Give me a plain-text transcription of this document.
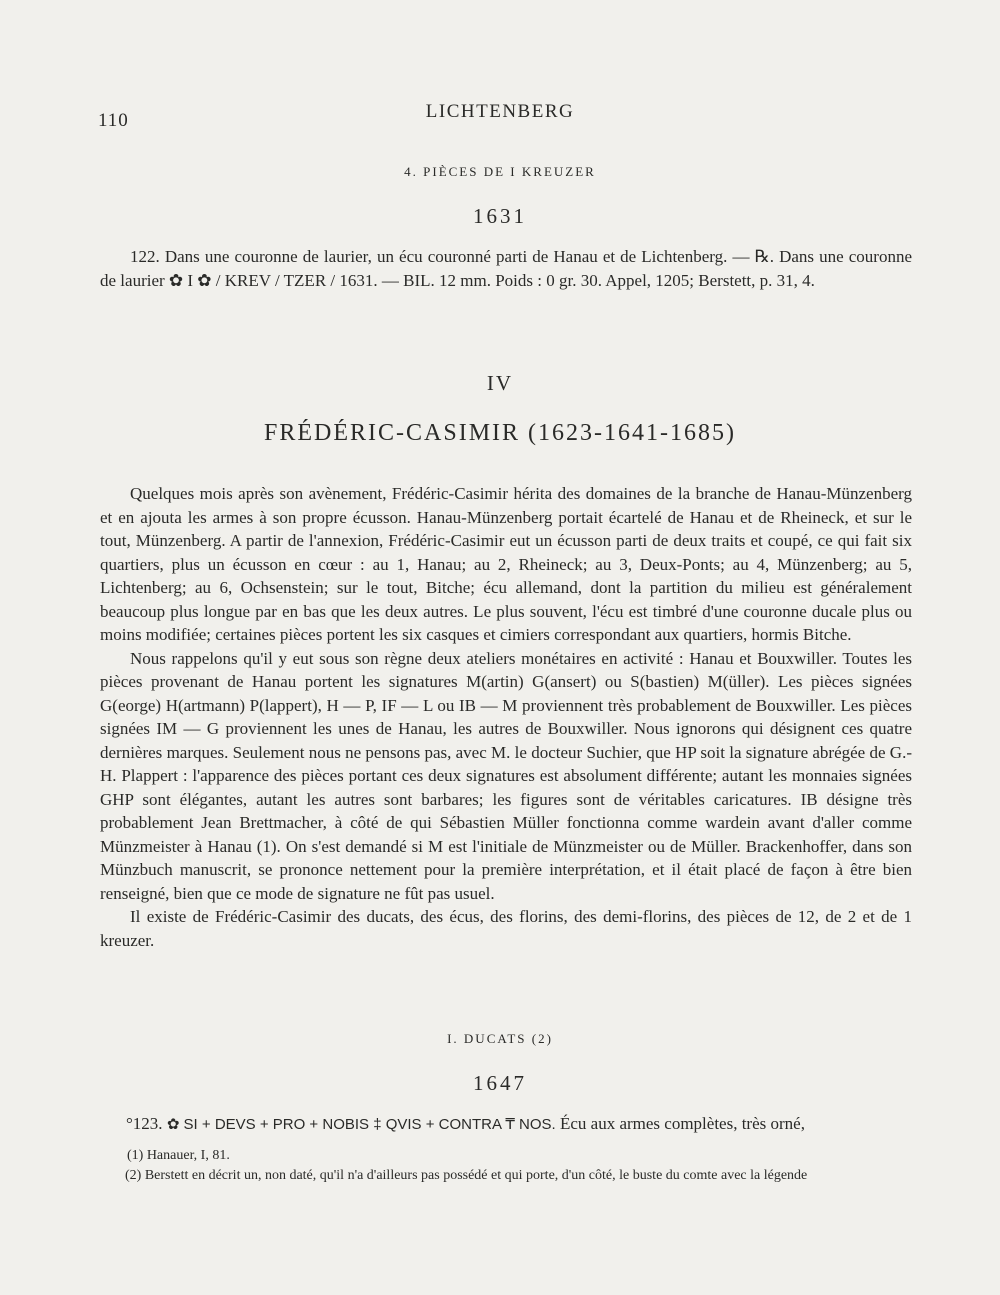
110	LICHTENBERG
4. PIÈCES DE I KREUZER
1631

122. Dans une couronne de laurier, un écu couronné parti de Hanau et de Lichtenberg. — ℞. Dans une couronne de laurier ✿ I ✿ / KREV / TZER / 1631. — BIL. 12 mm. Poids : 0 gr. 30. Appel, 1205; Berstett, p. 31, 4.

IV
FRÉDÉRIC-CASIMIR (1623-1641-1685)

Quelques mois après son avènement, Frédéric-Casimir hérita des domaines de la branche de Hanau-Münzenberg et en ajouta les armes à son propre écusson. Hanau-Münzenberg portait écartelé de Hanau et de Rheineck, et sur le tout, Münzenberg. A partir de l'annexion, Frédéric-Casimir eut un écusson parti de deux traits et coupé, ce qui fait six quartiers, plus un écusson en cœur : au 1, Hanau; au 2, Rheineck; au 3, Deux-Ponts; au 4, Münzenberg; au 5, Lichtenberg; au 6, Ochsenstein; sur le tout, Bitche; écu allemand, dont la partition du milieu est généralement beaucoup plus longue par en bas que les deux autres. Le plus souvent, l'écu est timbré d'une couronne ducale plus ou moins modifiée; certaines pièces portent les six casques et cimiers correspondant aux quartiers, hormis Bitche.

Nous rappelons qu'il y eut sous son règne deux ateliers monétaires en activité : Hanau et Bouxwiller. Toutes les pièces provenant de Hanau portent les signatures M(artin) G(ansert) ou S(bastien) M(üller). Les pièces signées G(eorge) H(artmann) P(lappert), H — P, IF — L ou IB — M proviennent très probablement de Bouxwiller. Les pièces signées IM — G proviennent les unes de Hanau, les autres de Bouxwiller. Nous ignorons qui désignent ces quatre dernières marques. Seulement nous ne pensons pas, avec M. le docteur Suchier, que HP soit la signature abrégée de G.-H. Plappert : l'apparence des pièces portant ces deux signatures est absolument différente; autant les monnaies signées GHP sont élégantes, autant les autres sont barbares; les figures sont de véritables caricatures. IB désigne très probablement Jean Brettmacher, à côté de qui Sébastien Müller fonctionna comme wardein avant d'aller comme Münzmeister à Hanau (1). On s'est demandé si M est l'initiale de Münzmeister ou de Müller. Brackenhoffer, dans son Münzbuch manuscrit, se prononce nettement pour la première interprétation, et il était placé de façon à être bien renseigné, bien que ce mode de signature ne fût pas usuel.

Il existe de Frédéric-Casimir des ducats, des écus, des florins, des demi-florins, des pièces de 12, de 2 et de 1 kreuzer.

I. DUCATS (2)
1647

°123. ✿ SI + DEVS + PRO + NOBIS ‡ QVIS + CONTRA ₸ NOS. Écu aux armes complètes, très orné,

(1) Hanauer, I, 81.
(2) Berstett en décrit un, non daté, qu'il n'a d'ailleurs pas possédé et qui porte, d'un côté, le buste du comte avec la légende
